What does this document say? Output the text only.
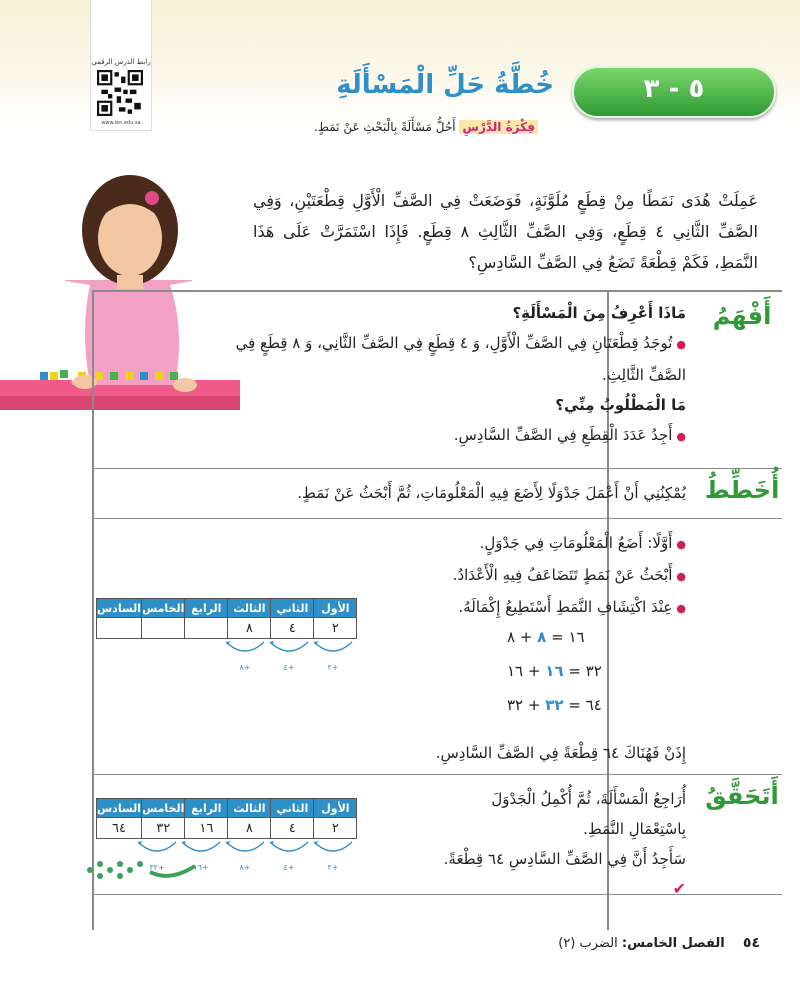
رابط الدرس الرقمي
www.ien.edu.sa
٥ - ٣
خُطَّةُ حَلِّ الْمَسْأَلَةِ
فِكْرَةُ الدَّرْسِ أَحُلُّ مَسْأَلَةً بِالْبَحْثِ عَنْ نَمَطٍ.
عَمِلَتْ هُدَى نَمَطًا مِنْ قِطَعٍ مُلَوَّنَةٍ، فَوَضَعَتْ فِي الصَّفِّ الْأَوَّلِ قِطْعَتَيْنِ، وَفِي الصَّفِّ الثَّانِي ٤ قِطَعٍ، وَفِي الصَّفِّ الثَّالِثِ ٨ قِطَعٍ. فَإِذَا اسْتَمَرَّتْ عَلَى هَذَا النَّمَطِ، فَكَمْ قِطْعَةً تَضَعُ فِي الصَّفِّ السَّادِسِ؟
أَفْهَمُ
مَاذَا أَعْرِفُ مِنَ الْمَسْأَلَةِ؟
● تُوجَدُ قِطْعَتَانِ فِي الصَّفِّ الْأَوَّلِ، وَ ٤ قِطَعٍ فِي الصَّفِّ الثَّانِي، وَ ٨ قِطَعٍ فِي الصَّفِّ الثَّالِثِ.
مَا الْمَطْلُوبُ مِنِّي؟
● أَجِدُ عَدَدَ الْقِطَعِ فِي الصَّفِّ السَّادِسِ.
أُخَطِّطُ
يُمْكِنُنِي أَنْ أَعْمَلَ جَدْوَلًا لِأَضَعَ فِيهِ الْمَعْلُومَاتِ، ثُمَّ أَبْحَثُ عَنْ نَمَطٍ.
● أَوَّلًا: أَضَعُ الْمَعْلُومَاتِ فِي جَدْوَلٍ.
● أَبْحَثُ عَنْ نَمَطٍ تَتَضَاعَفُ فِيهِ الْأَعْدَادُ.
● عِنْدَ اكْتِشَافِ النَّمَطِ أَسْتَطِيعُ إِكْمَالَهُ.
الأول	الثاني	الثالث	الرابع	الخامس	السادس
٢	٤	٨			
+٢
+٤
+٨
١٦ = ٨ + ٨
٣٢ = ١٦ + ١٦
٦٤ = ٣٢ + ٣٢
إِذَنْ فَهُنَاكَ ٦٤ قِطْعَةً فِي الصَّفِّ السَّادِسِ.
أَتَحَقَّقُ
أُرَاجِعُ الْمَسْأَلَةَ، ثُمَّ أُكْمِلُ الْجَدْوَلَ
بِاسْتِعْمَالِ النَّمَطِ.
سَأَجِدُ أَنَّ فِي الصَّفِّ السَّادِسِ ٦٤ قِطْعَةً. ✔
الأول	الثاني	الثالث	الرابع	الخامس	السادس
٢	٤	٨	١٦	٣٢	٦٤
+٢
+٤
+٨
+١٦
+٣٢
٥٤ الفصل الخامس: الضرب (٢)
